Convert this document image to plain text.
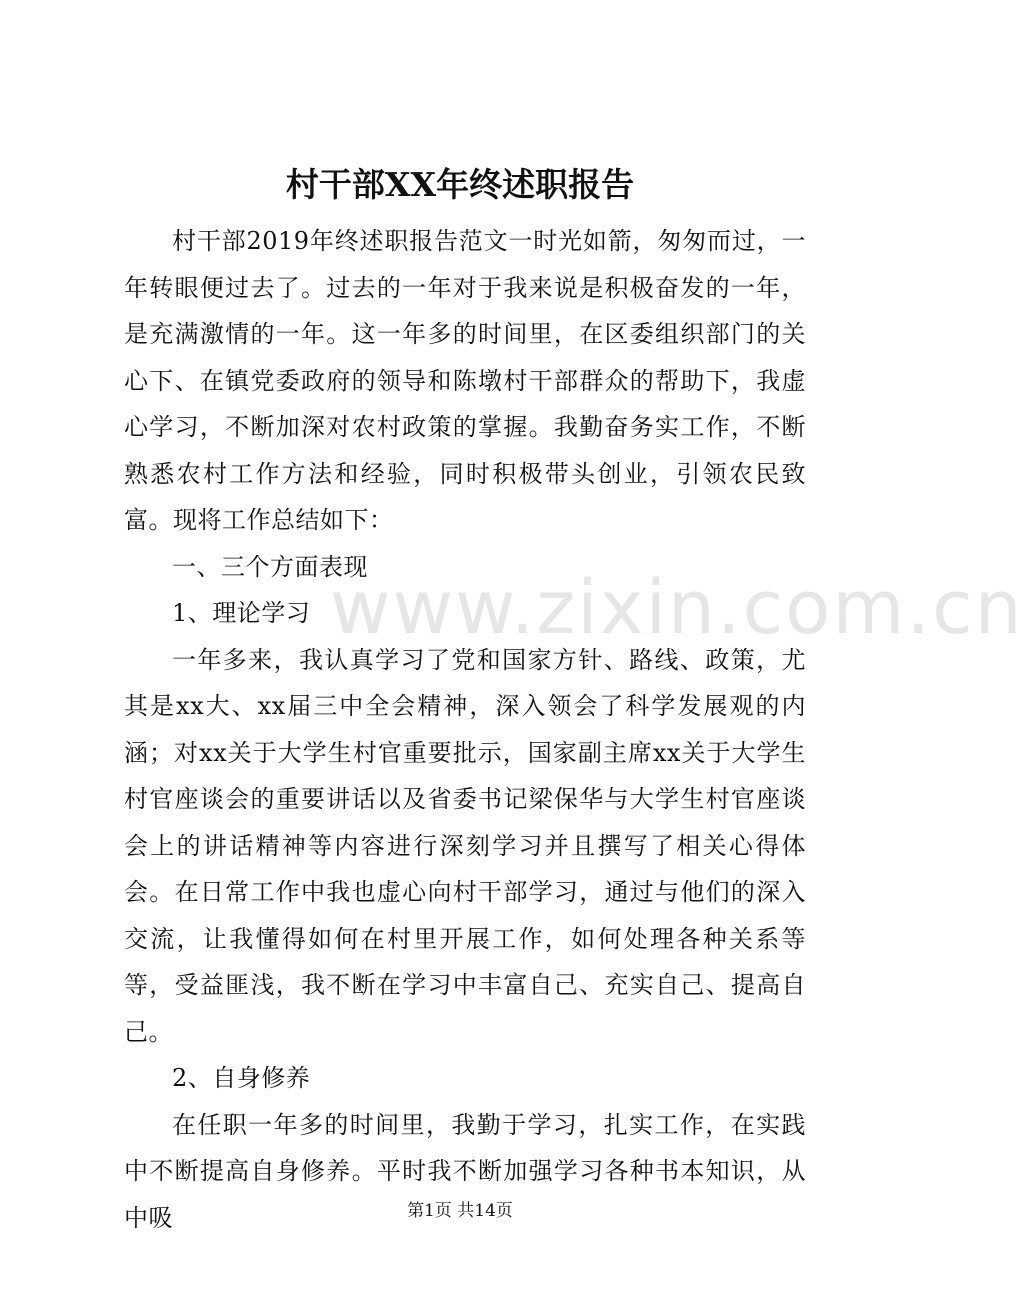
www.zixin.com.cn
村干部XX年终述职报告

村干部2019年终述职报告范文一时光如箭，匆匆而过，一年转眼便过去了。过去的一年对于我来说是积极奋发的一年，是充满激情的一年。这一年多的时间里，在区委组织部门的关心下、在镇党委政府的领导和陈墩村干部群众的帮助下，我虚心学习，不断加深对农村政策的掌握。我勤奋务实工作，不断熟悉农村工作方法和经验，同时积极带头创业，引领农民致富。现将工作总结如下：

一、三个方面表现

1、理论学习

一年多来，我认真学习了党和国家方针、路线、政策，尤其是xx大、xx届三中全会精神，深入领会了科学发展观的内涵；对xx关于大学生村官重要批示，国家副主席xx关于大学生村官座谈会的重要讲话以及省委书记梁保华与大学生村官座谈会上的讲话精神等内容进行深刻学习并且撰写了相关心得体会。在日常工作中我也虚心向村干部学习，通过与他们的深入交流，让我懂得如何在村里开展工作，如何处理各种关系等等，受益匪浅，我不断在学习中丰富自己、充实自己、提高自己。

2、自身修养

在任职一年多的时间里，我勤于学习，扎实工作，在实践中不断提高自身修养。平时我不断加强学习各种书本知识，从中吸	第1页 共14页
